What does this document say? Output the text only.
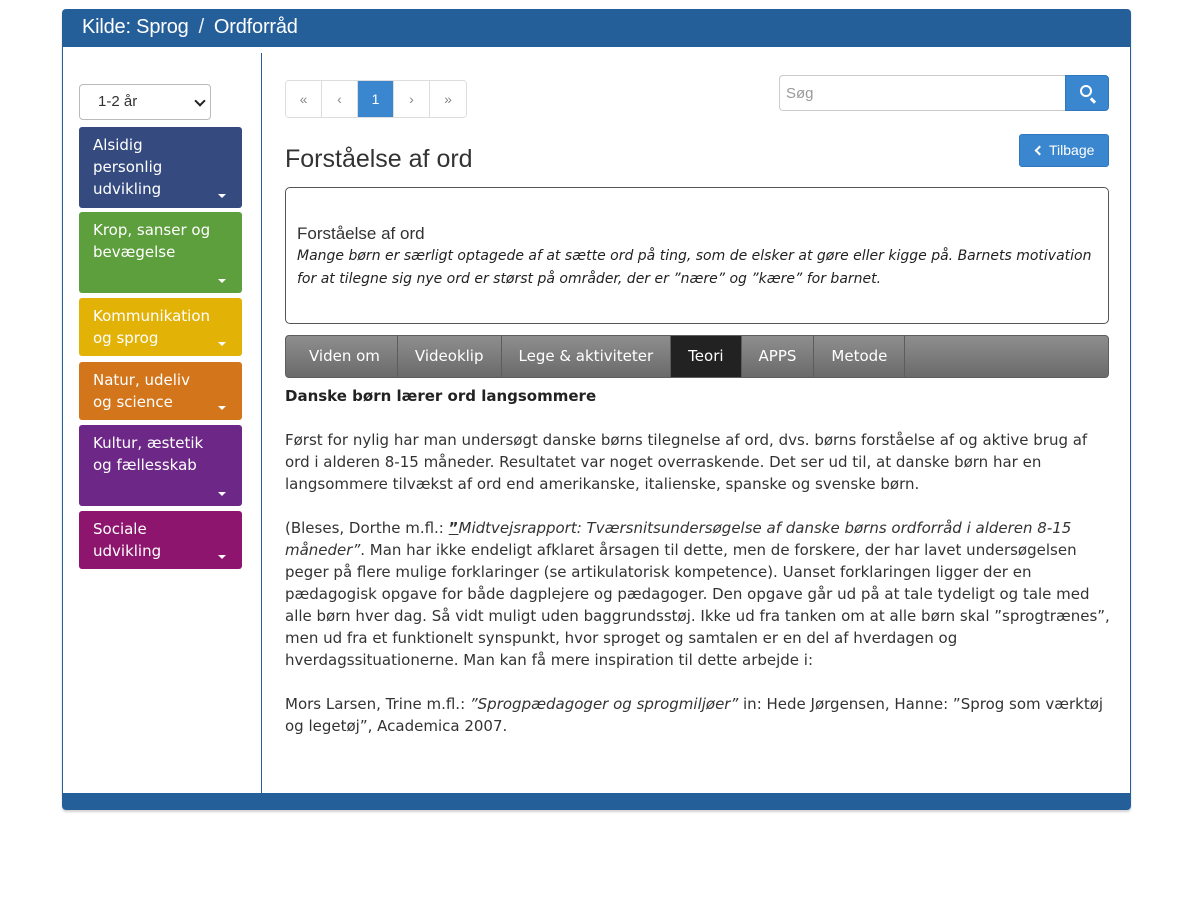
Kilde: Sprog / Ordforråd
1-2 år
Alsidig personlig udvikling
Krop, sanser og bevægelse
Kommunikation og sprog
Natur, udeliv og science
Kultur, æstetik og fællesskab
Sociale udvikling
«	‹	1	›	»
Søg
Tilbage
Forståelse af ord
Forståelse af ord
Mange børn er særligt optagede af at sætte ord på ting, som de elsker at gøre eller kigge på. Barnets motivation for at tilegne sig nye ord er størst på områder, der er ”nære” og ”kære” for barnet.
Viden om	Videoklip	Lege & aktiviteter	Teori	APPS	Metode
Danske børn lærer ord langsommere

Først for nylig har man undersøgt danske børns tilegnelse af ord, dvs. børns forståelse af og aktive brug af ord i alderen 8-15 måneder. Resultatet var noget overraskende. Det ser ud til, at danske børn har en langsommere tilvækst af ord end amerikanske, italienske, spanske og svenske børn.

(Bleses, Dorthe m.fl.: ”Midtvejsrapport: Tværsnitsundersøgelse af danske børns ordforråd i alderen 8-15 måneder”. Man har ikke endeligt afklaret årsagen til dette, men de forskere, der har lavet undersøgelsen peger på flere mulige forklaringer (se artikulatorisk kompetence). Uanset forklaringen ligger der en pædagogisk opgave for både dagplejere og pædagoger. Den opgave går ud på at tale tydeligt og tale med alle børn hver dag. Så vidt muligt uden baggrundsstøj. Ikke ud fra tanken om at alle børn skal ”sprogtrænes”, men ud fra et funktionelt synspunkt, hvor sproget og samtalen er en del af hverdagen og hverdagssituationerne. Man kan få mere inspiration til dette arbejde i:

Mors Larsen, Trine m.fl.: ”Sprogpædagoger og sprogmiljøer” in: Hede Jørgensen, Hanne: ”Sprog som værktøj og legetøj”, Academica 2007.
